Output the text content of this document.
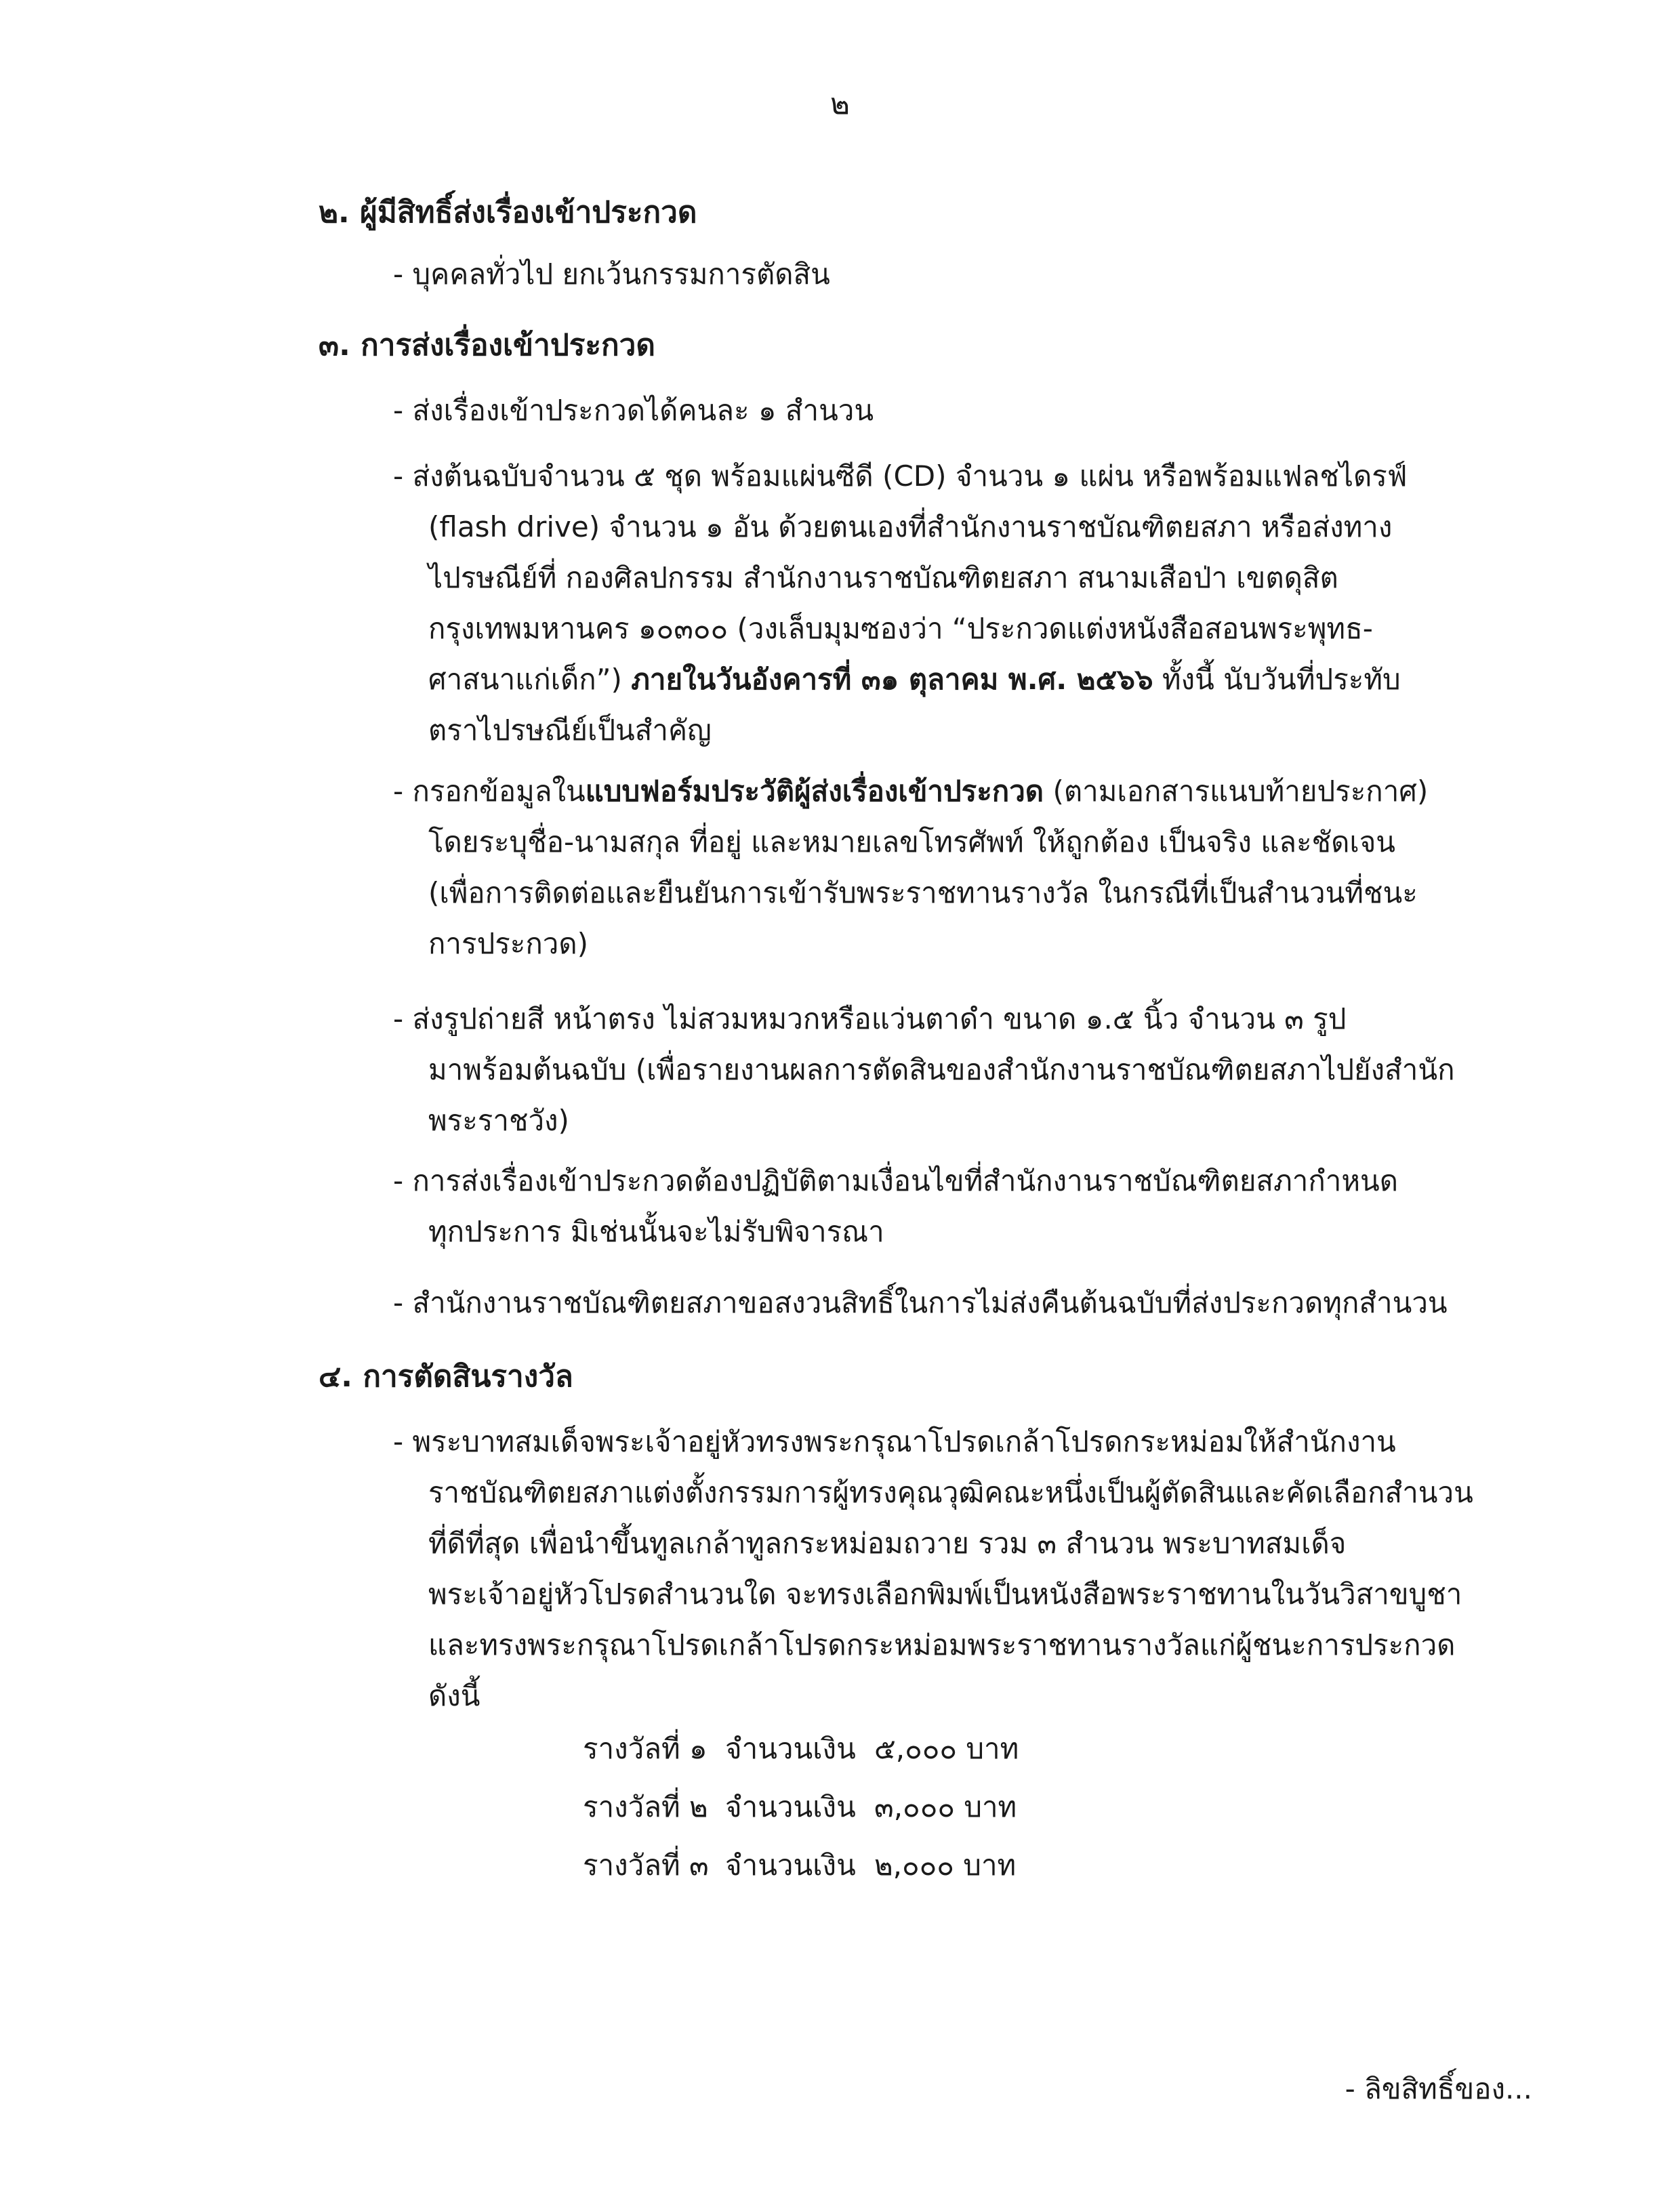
๒
๒. ผู้มีสิทธิ์ส่งเรื่องเข้าประกวด
- บุคคลทั่วไป ยกเว้นกรรมการตัดสิน
๓. การส่งเรื่องเข้าประกวด
- ส่งเรื่องเข้าประกวดได้คนละ ๑ สำนวน
- ส่งต้นฉบับจำนวน ๕ ชุด พร้อมแผ่นซีดี (CD) จำนวน ๑ แผ่น หรือพร้อมแฟลชไดรฟ์
(flash drive) จำนวน ๑ อัน ด้วยตนเองที่สำนักงานราชบัณฑิตยสภา หรือส่งทาง
ไปรษณีย์ที่ กองศิลปกรรม สำนักงานราชบัณฑิตยสภา สนามเสือป่า เขตดุสิต
กรุงเทพมหานคร ๑๐๓๐๐ (วงเล็บมุมซองว่า “ประกวดแต่งหนังสือสอนพระพุทธ-
ศาสนาแก่เด็ก”) ภายในวันอังคารที่ ๓๑ ตุลาคม พ.ศ. ๒๕๖๖ ทั้งนี้ นับวันที่ประทับ
ตราไปรษณีย์เป็นสำคัญ
- กรอกข้อมูลในแบบฟอร์มประวัติผู้ส่งเรื่องเข้าประกวด (ตามเอกสารแนบท้ายประกาศ)
โดยระบุชื่อ-นามสกุล ที่อยู่ และหมายเลขโทรศัพท์ ให้ถูกต้อง เป็นจริง และชัดเจน
(เพื่อการติดต่อและยืนยันการเข้ารับพระราชทานรางวัล ในกรณีที่เป็นสำนวนที่ชนะ
การประกวด)
- ส่งรูปถ่ายสี หน้าตรง ไม่สวมหมวกหรือแว่นตาดำ ขนาด ๑.๕ นิ้ว จำนวน ๓ รูป
มาพร้อมต้นฉบับ (เพื่อรายงานผลการตัดสินของสำนักงานราชบัณฑิตยสภาไปยังสำนัก
พระราชวัง)
- การส่งเรื่องเข้าประกวดต้องปฏิบัติตามเงื่อนไขที่สำนักงานราชบัณฑิตยสภากำหนด
ทุกประการ มิเช่นนั้นจะไม่รับพิจารณา
- สำนักงานราชบัณฑิตยสภาขอสงวนสิทธิ์ในการไม่ส่งคืนต้นฉบับที่ส่งประกวดทุกสำนวน
๔. การตัดสินรางวัล
- พระบาทสมเด็จพระเจ้าอยู่หัวทรงพระกรุณาโปรดเกล้าโปรดกระหม่อมให้สำนักงาน
ราชบัณฑิตยสภาแต่งตั้งกรรมการผู้ทรงคุณวุฒิคณะหนึ่งเป็นผู้ตัดสินและคัดเลือกสำนวน
ที่ดีที่สุด เพื่อนำขึ้นทูลเกล้าทูลกระหม่อมถวาย รวม ๓ สำนวน พระบาทสมเด็จ
พระเจ้าอยู่หัวโปรดสำนวนใด จะทรงเลือกพิมพ์เป็นหนังสือพระราชทานในวันวิสาขบูชา
และทรงพระกรุณาโปรดเกล้าโปรดกระหม่อมพระราชทานรางวัลแก่ผู้ชนะการประกวด
ดังนี้
รางวัลที่ ๑ จำนวนเงิน ๕,๐๐๐ บาท
รางวัลที่ ๒ จำนวนเงิน ๓,๐๐๐ บาท
รางวัลที่ ๓ จำนวนเงิน ๒,๐๐๐ บาท
- ลิขสิทธิ์ของ...
